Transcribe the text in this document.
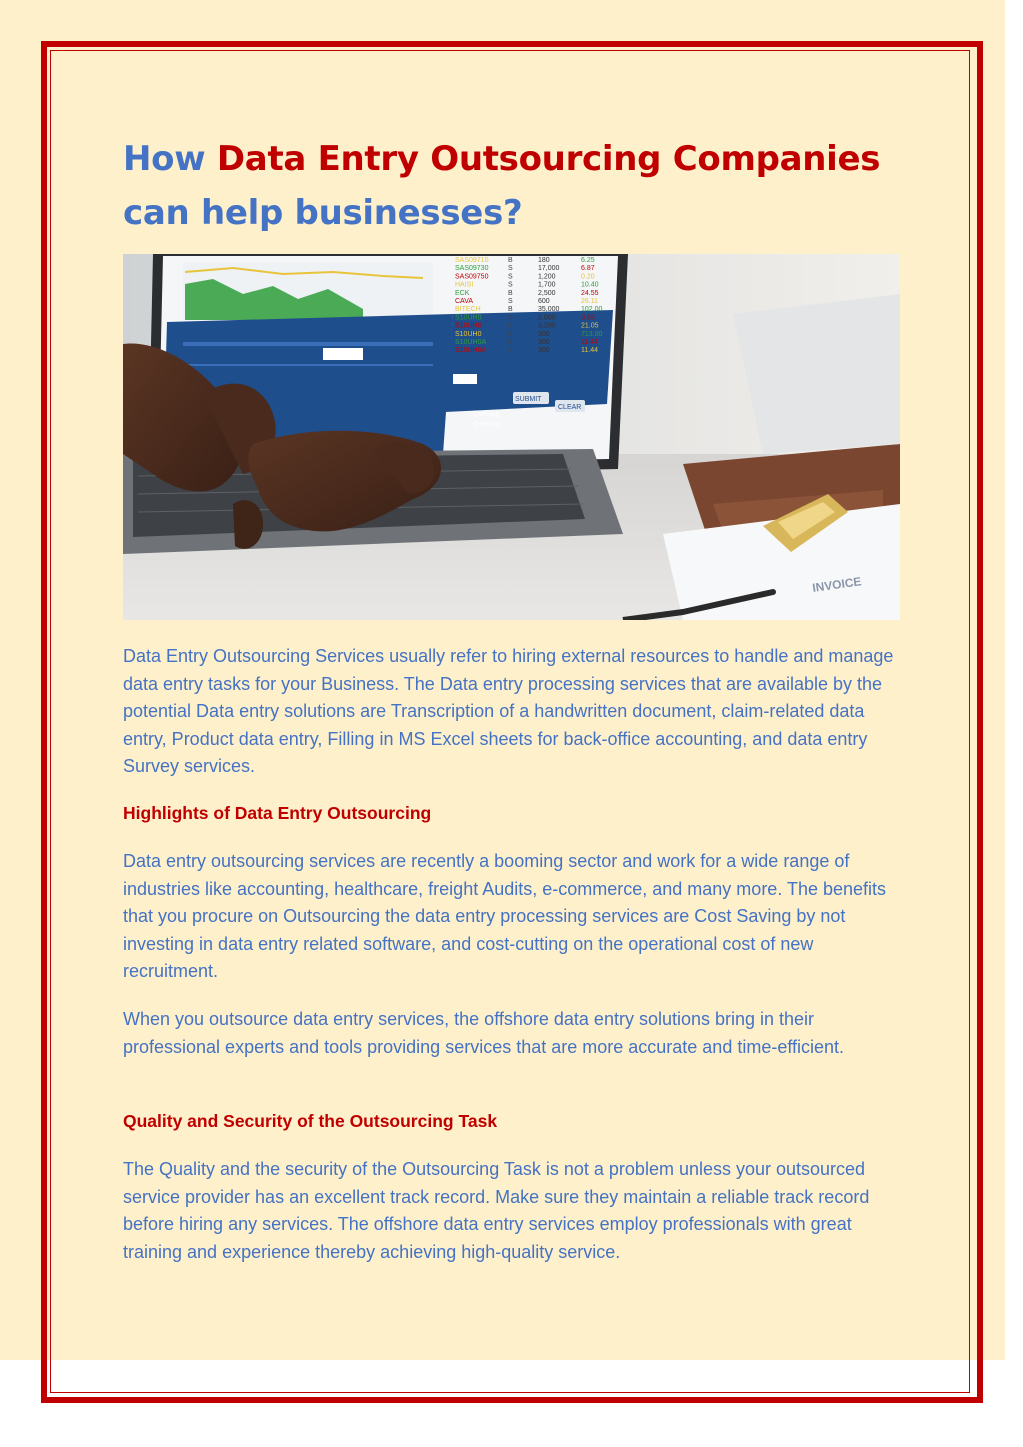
How Data Entry Outsourcing Companies
can help businesses?
SUBMIT
CLEAR
Queuing
Queuing
Limit
SAS09710	B	180	6.25
SAS09730	S	17,000	6.87
SAS09750	S	1,200	0.20
HAISI	S	1,700	10.40
ECK	B	2,500	24.55
CAVA	S	600	26.11
BITECH	B	35,000	102.00
S10UH0	S	2,000	0.69
S10UH0	B	3,200	21.05
S10UH0	B	300	713.00
S10UH0A	B	300	11.44
S10UH0A	S	300	11.44
INVOICE

Data Entry Outsourcing Services usually refer to hiring external resources to handle and manage data entry tasks for your Business. The Data entry processing services that are available by the potential Data entry solutions are Transcription of a handwritten document, claim-related data entry, Product data entry, Filling in MS Excel sheets for back-office accounting, and data entry Survey services.

Highlights of Data Entry Outsourcing

Data entry outsourcing services are recently a booming sector and work for a wide range of industries like accounting, healthcare, freight Audits, e-commerce, and many more. The benefits that you procure on Outsourcing the data entry processing services are Cost Saving by not investing in data entry related software, and cost-cutting on the operational cost of new recruitment.

When you outsource data entry services, the offshore data entry solutions bring in their professional experts and tools providing services that are more accurate and time-efficient.

Quality and Security of the Outsourcing Task

The Quality and the security of the Outsourcing Task is not a problem unless your outsourced service provider has an excellent track record. Make sure they maintain a reliable track record before hiring any services. The offshore data entry services employ professionals with great training and experience thereby achieving high-quality service.
